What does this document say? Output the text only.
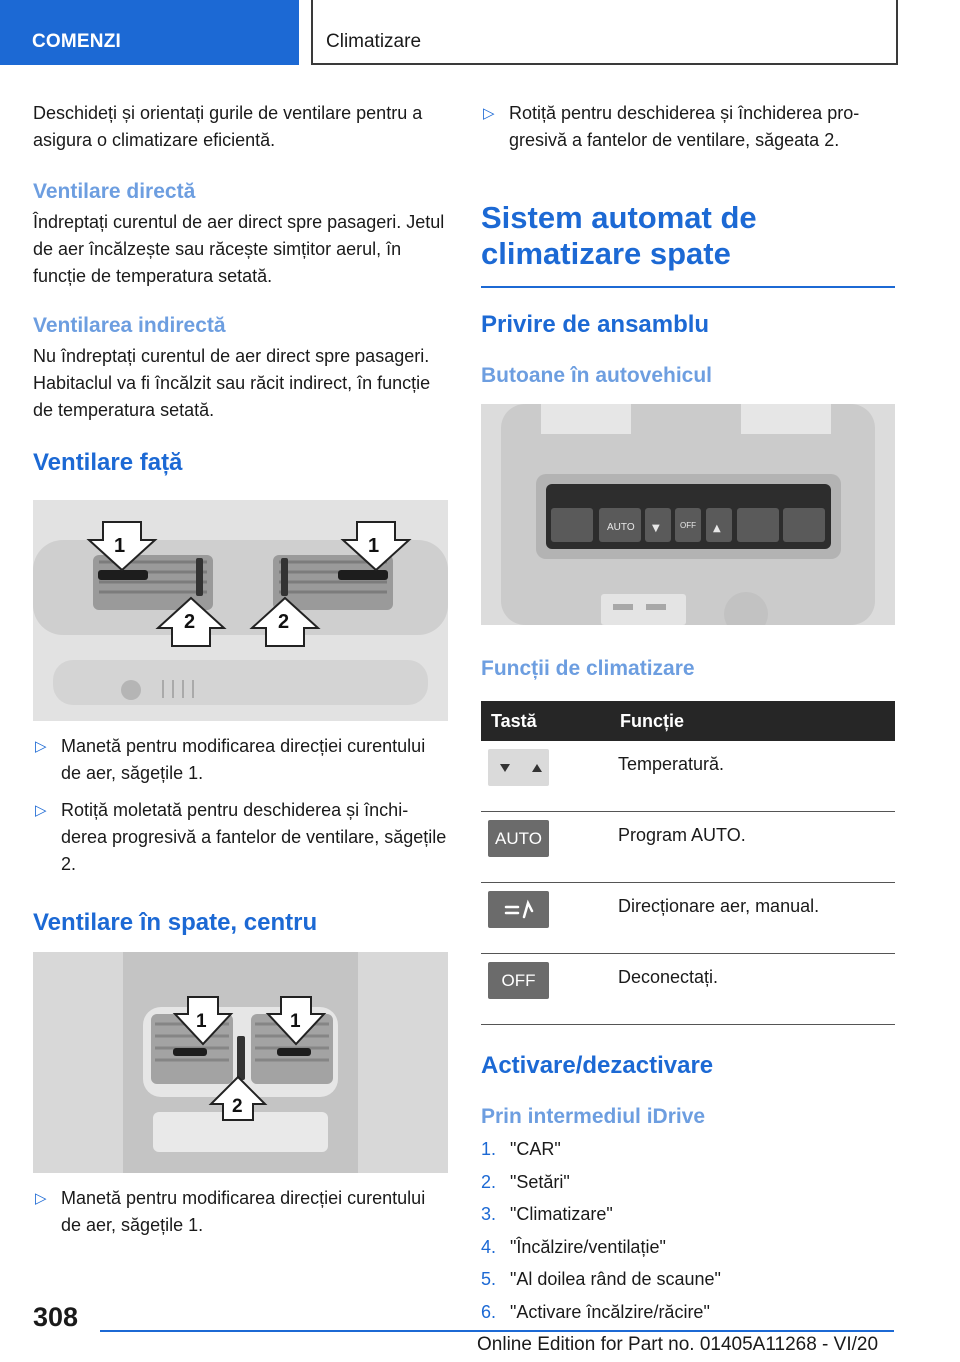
COMENZI	Climatizare

Deschideți și orientați gurile de ventilare pentru a asigura o climatizare eficientă.

Ventilare directă

Îndreptați curentul de aer direct spre pasageri. Jetul de aer încălzește sau răcește simțitor aerul, în funcție de temperatura setată.

Ventilarea indirectă

Nu îndreptați curentul de aer direct spre pasageri. Habitaclul va fi încălzit sau răcit indirect, în funcție de temperatura setată.

Ventilare față
1	1
2	2
▷ Manetă pentru modificarea direcției curentului de aer, săgețile 1.
▷ Rotiță moletată pentru deschiderea și închiderea progresivă a fantelor de ventilare, săgețile 2.
Ventilare în spate, centru
1	1
2
▷ Manetă pentru modificarea direcției curentului de aer, săgețile 1.
▷ Rotiță pentru deschiderea și închiderea progresivă a fantelor de ventilare, săgeata 2.
Sistem automat de climatizare spate
Privire de ansamblu
Butoane în autovehicul
AUTO	OFF
▼	▲
Funcții de climatizare
Tastă	Funcție

	Temperatură.

AUTO	Program AUTO.

	Direcționare aer, manual.

OFF	Deconectați.
Activare/dezactivare
Prin intermediul iDrive
1. "CAR"
2. "Setări"
3. "Climatizare"
4. "Încălzire/ventilație"
5. "Al doilea rând de scaune"
6. "Activare încălzire/răcire"
308
Online Edition for Part no. 01405A11268 - VI/20
